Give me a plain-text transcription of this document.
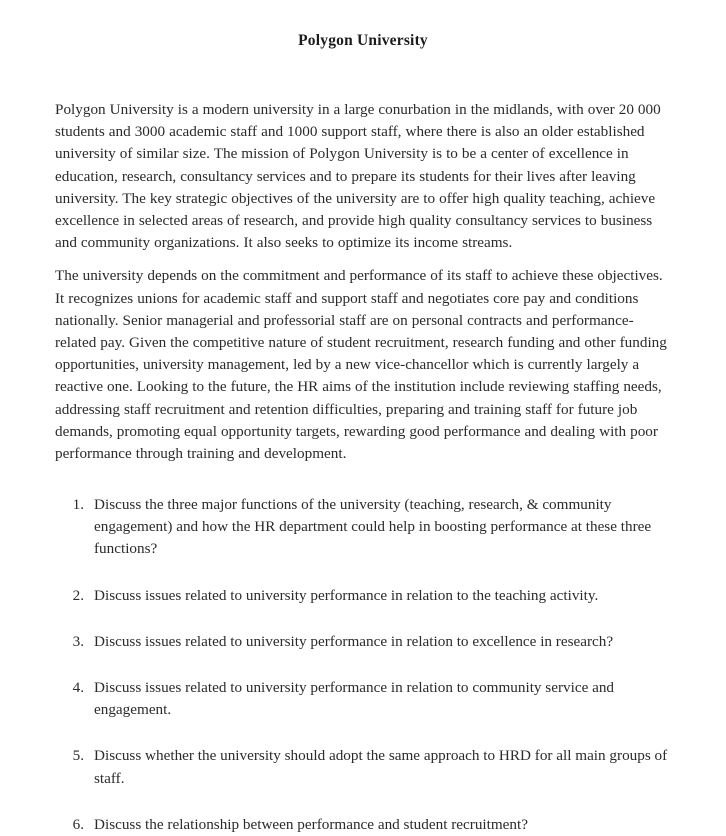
Polygon University

Polygon University is a modern university in a large conurbation in the midlands, with over 20 000 students and 3000 academic staff and 1000 support staff, where there is also an older established university of similar size. The mission of Polygon University is to be a center of excellence in education, research, consultancy services and to prepare its students for their lives after leaving university. The key strategic objectives of the university are to offer high quality teaching, achieve excellence in selected areas of research, and provide high quality consultancy services to business and community organizations. It also seeks to optimize its income streams.

The university depends on the commitment and performance of its staff to achieve these objectives. It recognizes unions for academic staff and support staff and negotiates core pay and conditions nationally. Senior managerial and professorial staff are on personal contracts and performance-related pay. Given the competitive nature of student recruitment, research funding and other funding opportunities, university management, led by a new vice-chancellor which is currently largely a reactive one. Looking to the future, the HR aims of the institution include reviewing staffing needs, addressing staff recruitment and retention difficulties, preparing and training staff for future job demands, promoting equal opportunity targets, rewarding good performance and dealing with poor performance through training and development.

1. Discuss the three major functions of the university (teaching, research, & community engagement) and how the HR department could help in boosting performance at these three functions?
2. Discuss issues related to university performance in relation to the teaching activity.
3. Discuss issues related to university performance in relation to excellence in research?
4. Discuss issues related to university performance in relation to community service and engagement.
5. Discuss whether the university should adopt the same approach to HRD for all main groups of staff.
6. Discuss the relationship between performance and student recruitment?
